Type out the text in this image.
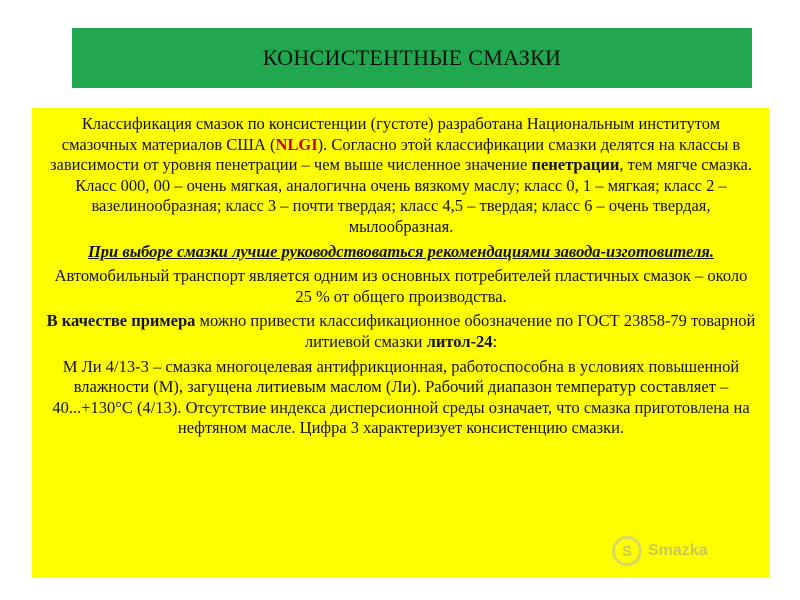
КОНСИСТЕНТНЫЕ СМАЗКИ

Классификация смазок по консистенции (густоте) разработана Национальным институтом смазочных материалов США (NLGI). Согласно этой классификации смазки делятся на классы в зависимости от уровня пенетрации – чем выше численное значение пенетрации, тем мягче смазка. Класс 000, 00 – очень мягкая, аналогична очень вязкому маслу; класс 0, 1 – мягкая; класс 2 – вазелинообразная; класс 3 – почти твердая; класс 4,5 – твердая; класс 6 – очень твердая, мылообразная.

При выборе смазки лучше руководствоваться рекомендациями завода-изготовителя.

Автомобильный транспорт является одним из основных потребителей пластичных смазок – около 25 % от общего производства.

В качестве примера можно привести классификационное обозначение по ГОСТ 23858-79 товарной литиевой смазки литол-24:

М Ли 4/13-3 – смазка многоцелевая антифрикционная, работоспособна в условиях повышенной влажности (М), загущена литиевым маслом (Ли). Рабочий диапазон температур составляет –40...+130°С (4/13). Отсутствие индекса дисперсионной среды означает, что смазка приготовлена на нефтяном масле. Цифра 3 характеризует консистенцию смазки.

S	Smazka
